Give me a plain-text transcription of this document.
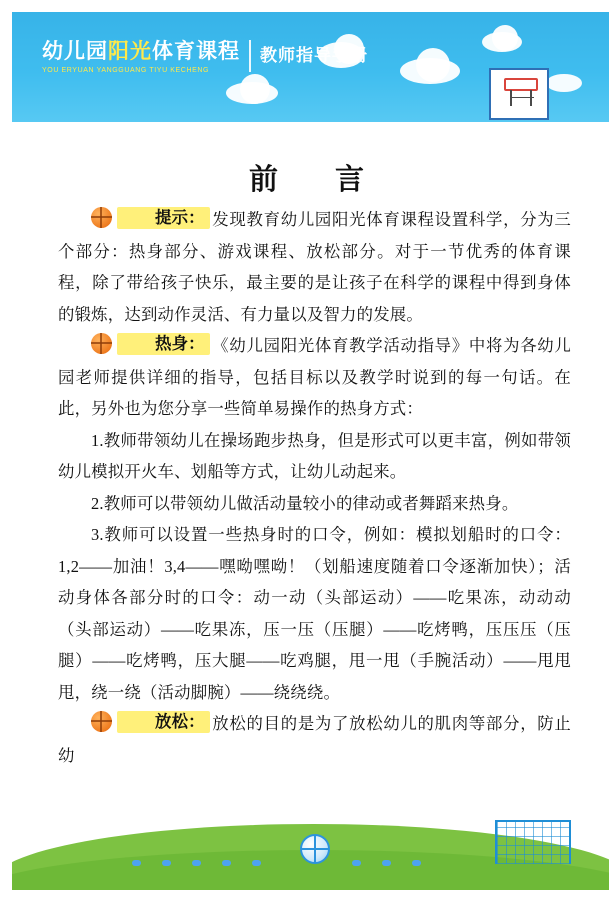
幼儿园阳光体育课程
YOU ERYUAN YANGGUANG TIYU KECHENG
教师指导手册
前　言

提示： 发现教育幼儿园阳光体育课程设置科学，分为三个部分：热身部分、游戏课程、放松部分。对于一节优秀的体育课程，除了带给孩子快乐，最主要的是让孩子在科学的课程中得到身体的锻炼，达到动作灵活、有力量以及智力的发展。

热身： 《幼儿园阳光体育教学活动指导》中将为各幼儿园老师提供详细的指导，包括目标以及教学时说到的每一句话。在此，另外也为您分享一些简单易操作的热身方式：

1.教师带领幼儿在操场跑步热身，但是形式可以更丰富，例如带领幼儿模拟开火车、划船等方式，让幼儿动起来。

2.教师可以带领幼儿做活动量较小的律动或者舞蹈来热身。

3.教师可以设置一些热身时的口令，例如：模拟划船时的口令：1,2——加油！3,4——嘿呦嘿呦！（划船速度随着口令逐渐加快）；活动身体各部分时的口令：动一动（头部运动）——吃果冻，动动动（头部运动）——吃果冻，压一压（压腿）——吃烤鸭，压压压（压腿）——吃烤鸭，压大腿——吃鸡腿，甩一甩（手腕活动）——甩甩甩，绕一绕（活动脚腕）——绕绕绕。

放松： 放松的目的是为了放松幼儿的肌肉等部分，防止幼
